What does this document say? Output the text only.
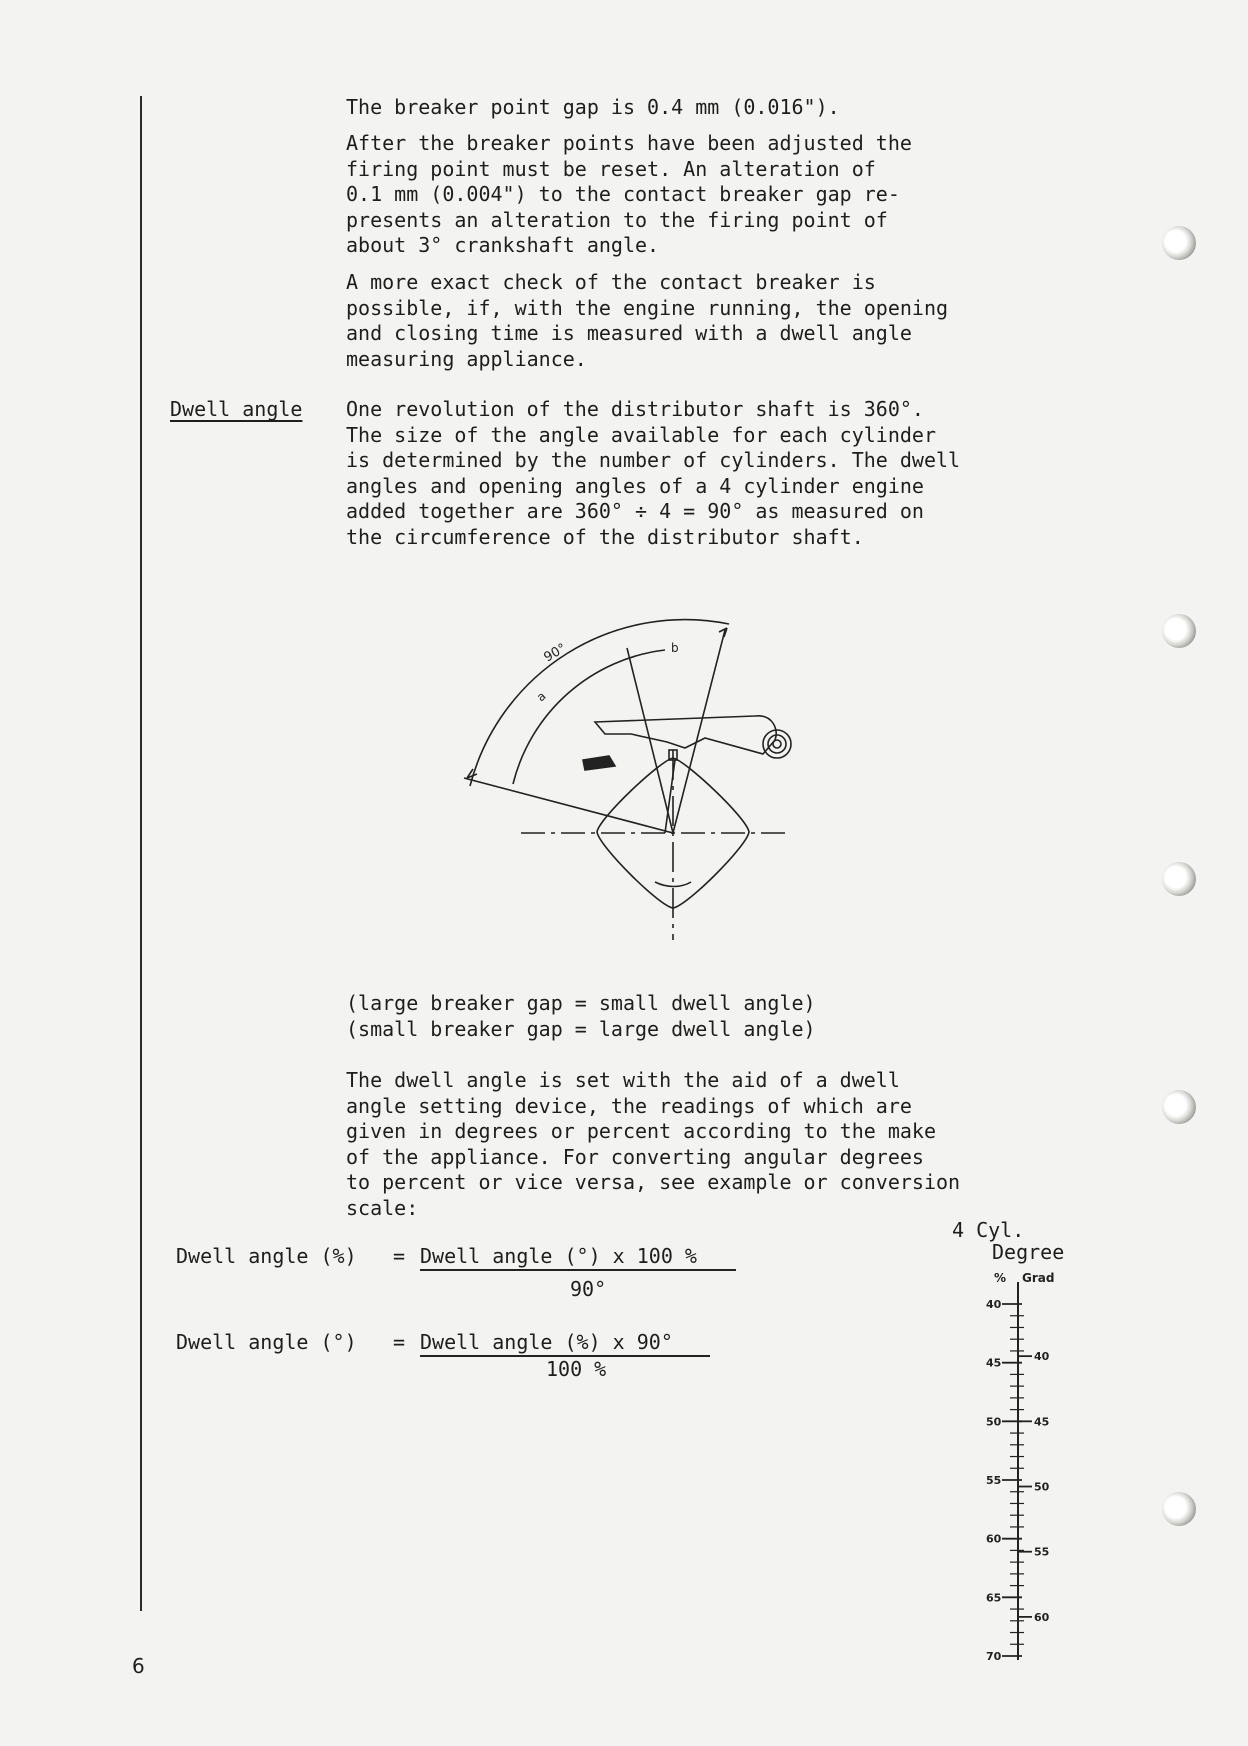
The breaker point gap is 0.4 mm (0.016").
After the breaker points have been adjusted the
firing point must be reset. An alteration of
0.1 mm (0.004") to the contact breaker gap re-
presents an alteration to the firing point of
about 3° crankshaft angle.
A more exact check of the contact breaker is
possible, if, with the engine running, the opening
and closing time is measured with a dwell angle
measuring appliance.
Dwell angle One revolution of the distributor shaft is 360°.
The size of the angle available for each cylinder
is determined by the number of cylinders. The dwell
angles and opening angles of a 4 cylinder engine
added together are 360° ÷ 4 = 90° as measured on
the circumference of the distributor shaft.
90°
a
b
(large breaker gap = small dwell angle)
(small breaker gap = large dwell angle)
The dwell angle is set with the aid of a dwell
angle setting device, the readings of which are
given in degrees or percent according to the make
of the appliance. For converting angular degrees
to percent or vice versa, see example or conversion
scale:
Dwell angle (%) = Dwell angle (°) x 100 %
90°
Dwell angle (°) = Dwell angle (%) x 90°
100 %
4 Cyl.
Degree
% Grad
40
45
50
55
60
65
70
40
45
50
55
60
6
